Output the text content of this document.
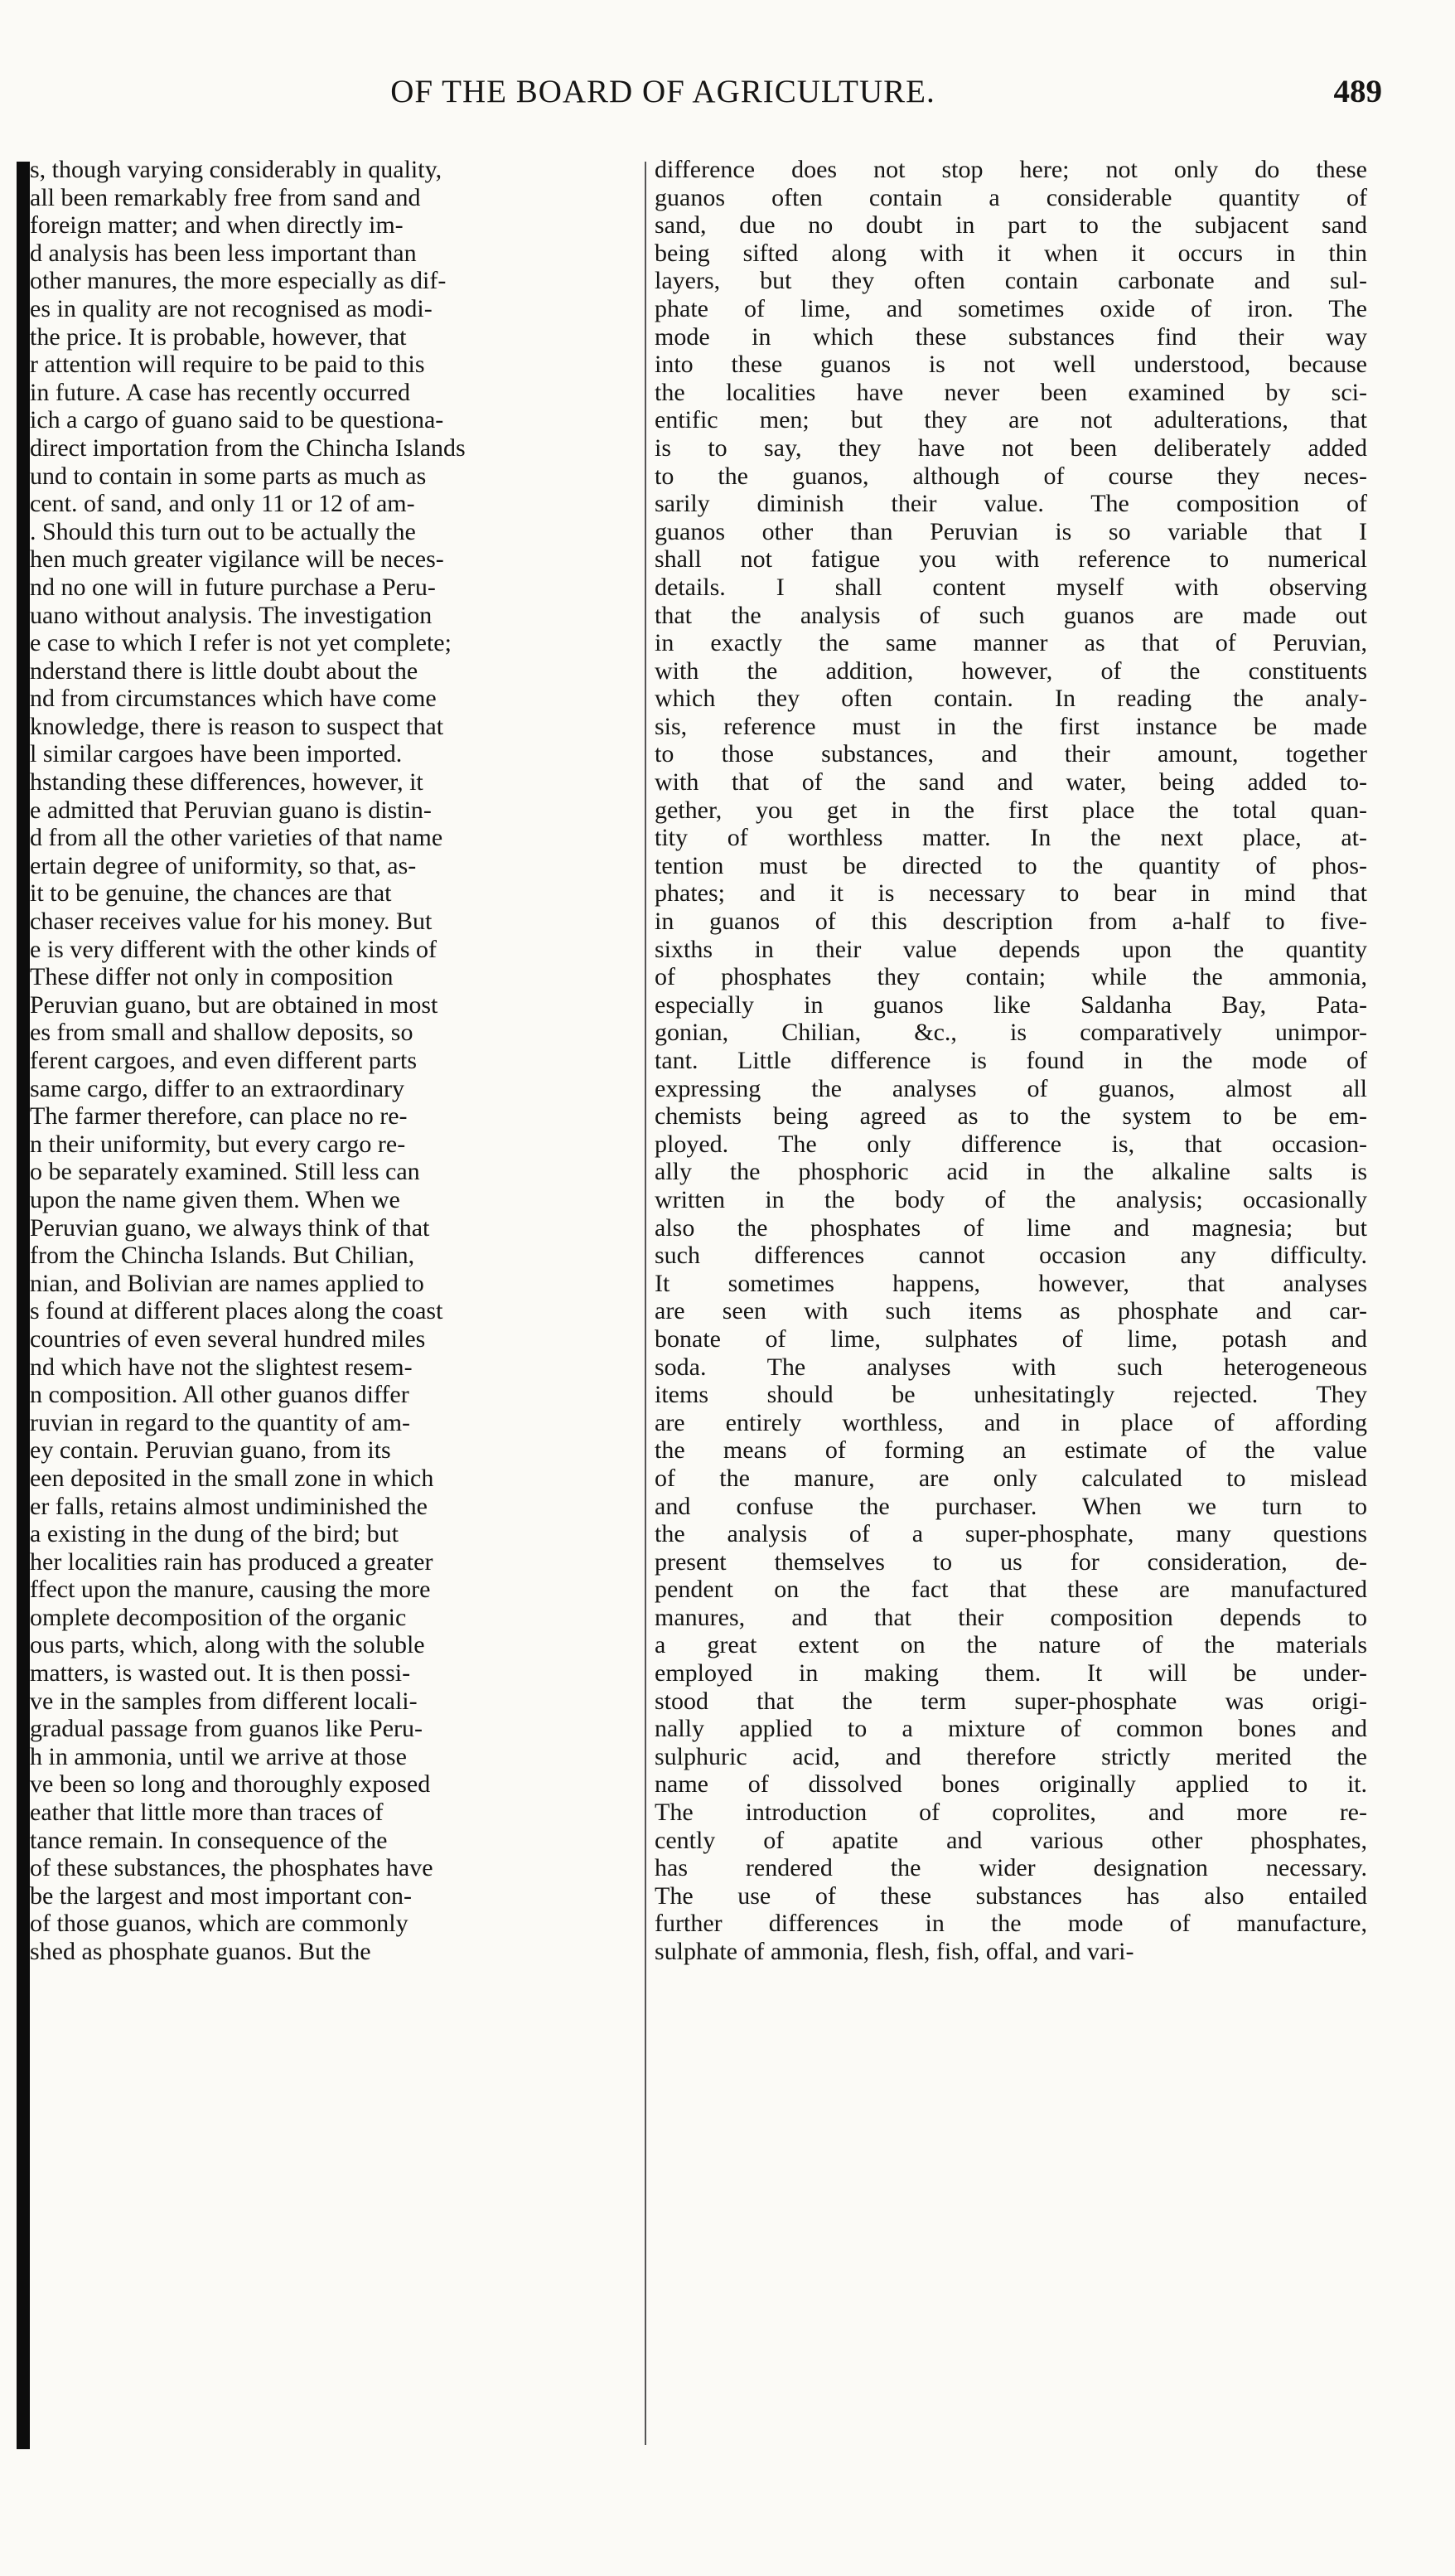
OF THE BOARD OF AGRICULTURE.	489
s, though varying considerably in quality,
all been remarkably free from sand and
foreign matter; and when directly im-
d analysis has been less important than
other manures, the more especially as dif-
es in quality are not recognised as modi-
the price. It is probable, however, that
r attention will require to be paid to this
in future. A case has recently occurred
ich a cargo of guano said to be questiona-
direct importation from the Chincha Islands
und to contain in some parts as much as
cent. of sand, and only 11 or 12 of am-
. Should this turn out to be actually the
hen much greater vigilance will be neces-
nd no one will in future purchase a Peru-
uano without analysis. The investigation
e case to which I refer is not yet complete;
nderstand there is little doubt about the
nd from circumstances which have come
knowledge, there is reason to suspect that
l similar cargoes have been imported.
hstanding these differences, however, it
e admitted that Peruvian guano is distin-
d from all the other varieties of that name
ertain degree of uniformity, so that, as-
it to be genuine, the chances are that
chaser receives value for his money. But
e is very different with the other kinds of
These differ not only in composition
Peruvian guano, but are obtained in most
es from small and shallow deposits, so
ferent cargoes, and even different parts
same cargo, differ to an extraordinary
The farmer therefore, can place no re-
n their uniformity, but every cargo re-
o be separately examined. Still less can
upon the name given them. When we
Peruvian guano, we always think of that
from the Chincha Islands. But Chilian,
nian, and Bolivian are names applied to
s found at different places along the coast
countries of even several hundred miles
nd which have not the slightest resem-
n composition. All other guanos differ
ruvian in regard to the quantity of am-
ey contain. Peruvian guano, from its
een deposited in the small zone in which
er falls, retains almost undiminished the
a existing in the dung of the bird; but
her localities rain has produced a greater
ffect upon the manure, causing the more
omplete decomposition of the organic
ous parts, which, along with the soluble
matters, is wasted out. It is then possi-
ve in the samples from different locali-
gradual passage from guanos like Peru-
h in ammonia, until we arrive at those
ve been so long and thoroughly exposed
eather that little more than traces of
tance remain. In consequence of the
of these substances, the phosphates have
be the largest and most important con-
of those guanos, which are commonly
shed as phosphate guanos. But the
difference does not stop here; not only do these
guanos often contain a considerable quantity of
sand, due no doubt in part to the subjacent sand
being sifted along with it when it occurs in thin
layers, but they often contain carbonate and sul-
phate of lime, and sometimes oxide of iron. The
mode in which these substances find their way
into these guanos is not well understood, because
the localities have never been examined by sci-
entific men; but they are not adulterations, that
is to say, they have not been deliberately added
to the guanos, although of course they neces-
sarily diminish their value. The composition of
guanos other than Peruvian is so variable that I
shall not fatigue you with reference to numerical
details. I shall content myself with observing
that the analysis of such guanos are made out
in exactly the same manner as that of Peruvian,
with the addition, however, of the constituents
which they often contain. In reading the analy-
sis, reference must in the first instance be made
to those substances, and their amount, together
with that of the sand and water, being added to-
gether, you get in the first place the total quan-
tity of worthless matter. In the next place, at-
tention must be directed to the quantity of phos-
phates; and it is necessary to bear in mind that
in guanos of this description from a-half to five-
sixths in their value depends upon the quantity
of phosphates they contain; while the ammonia,
especially in guanos like Saldanha Bay, Pata-
gonian, Chilian, &c., is comparatively unimpor-
tant. Little difference is found in the mode of
expressing the analyses of guanos, almost all
chemists being agreed as to the system to be em-
ployed. The only difference is, that occasion-
ally the phosphoric acid in the alkaline salts is
written in the body of the analysis; occasionally
also the phosphates of lime and magnesia; but
such differences cannot occasion any difficulty.
It sometimes happens, however, that analyses
are seen with such items as phosphate and car-
bonate of lime, sulphates of lime, potash and
soda. The analyses with such heterogeneous
items should be unhesitatingly rejected. They
are entirely worthless, and in place of affording
the means of forming an estimate of the value
of the manure, are only calculated to mislead
and confuse the purchaser. When we turn to
the analysis of a super-phosphate, many questions
present themselves to us for consideration, de-
pendent on the fact that these are manufactured
manures, and that their composition depends to
a great extent on the nature of the materials
employed in making them. It will be under-
stood that the term super-phosphate was origi-
nally applied to a mixture of common bones and
sulphuric acid, and therefore strictly merited the
name of dissolved bones originally applied to it.
The introduction of coprolites, and more re-
cently of apatite and various other phosphates,
has rendered the wider designation necessary.
The use of these substances has also entailed
further differences in the mode of manufacture,
sulphate of ammonia, flesh, fish, offal, and vari-
